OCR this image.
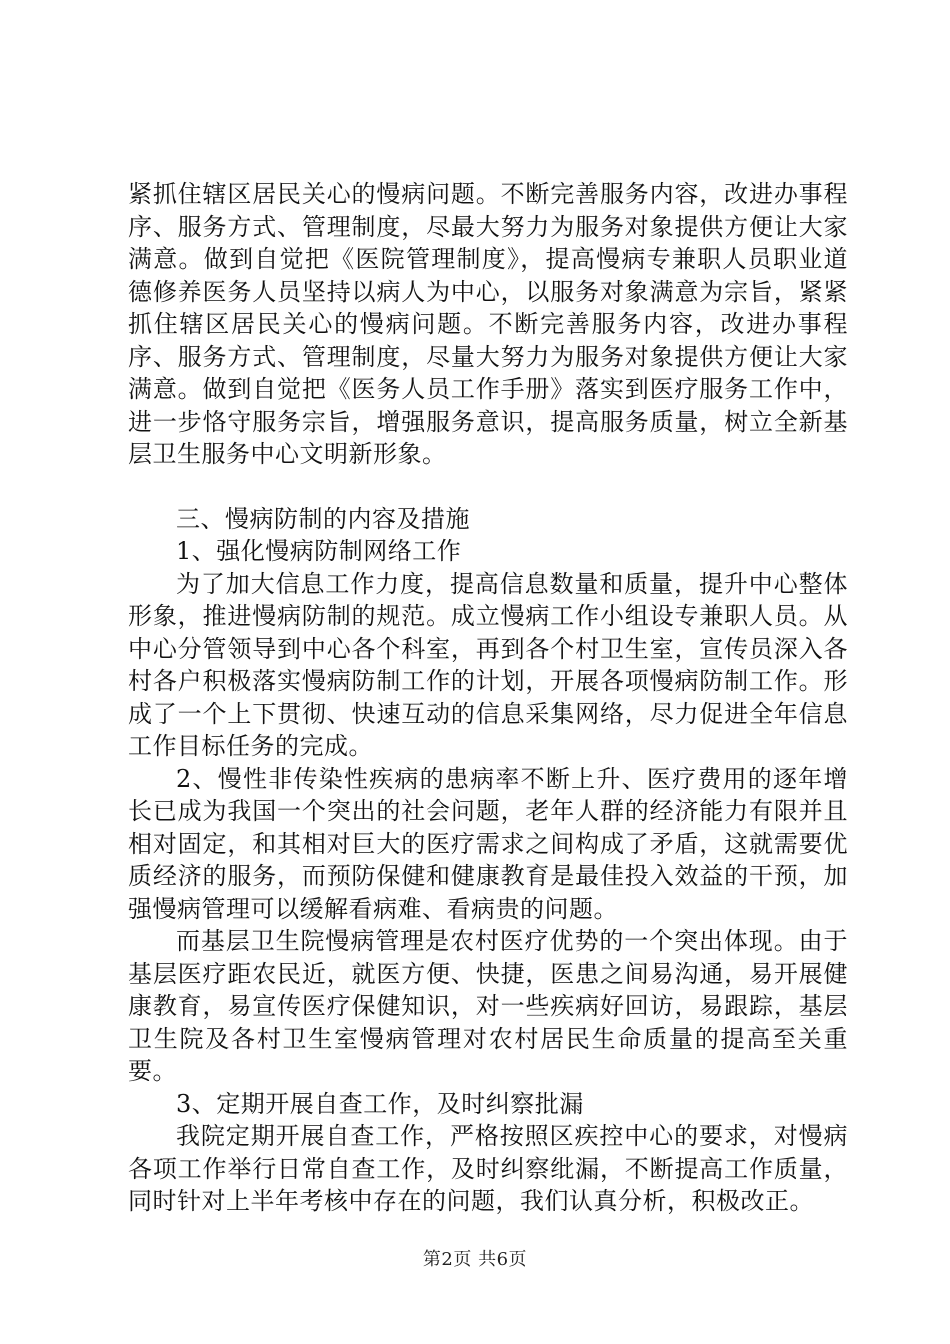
紧抓住辖区居民关心的慢病问题。不断完善服务内容，改进办事程序、服务方式、管理制度，尽最大努力为服务对象提供方便让大家满意。做到自觉把《医院管理制度》，提高慢病专兼职人员职业道德修养医务人员坚持以病人为中心，以服务对象满意为宗旨，紧紧抓住辖区居民关心的慢病问题。不断完善服务内容，改进办事程序、服务方式、管理制度，尽量大努力为服务对象提供方便让大家满意。做到自觉把《医务人员工作手册》落实到医疗服务工作中，进一步恪守服务宗旨，增强服务意识，提高服务质量，树立全新基层卫生服务中心文明新形象。

三、慢病防制的内容及措施

1、强化慢病防制网络工作

为了加大信息工作力度，提高信息数量和质量，提升中心整体形象，推进慢病防制的规范。成立慢病工作小组设专兼职人员。从中心分管领导到中心各个科室，再到各个村卫生室，宣传员深入各村各户积极落实慢病防制工作的计划，开展各项慢病防制工作。形成了一个上下贯彻、快速互动的信息采集网络，尽力促进全年信息工作目标任务的完成。

2、慢性非传染性疾病的患病率不断上升、医疗费用的逐年增长已成为我国一个突出的社会问题，老年人群的经济能力有限并且相对固定，和其相对巨大的医疗需求之间构成了矛盾，这就需要优质经济的服务，而预防保健和健康教育是最佳投入效益的干预，加强慢病管理可以缓解看病难、看病贵的问题。

而基层卫生院慢病管理是农村医疗优势的一个突出体现。由于基层医疗距农民近，就医方便、快捷，医患之间易沟通，易开展健康教育，易宣传医疗保健知识，对一些疾病好回访，易跟踪，基层卫生院及各村卫生室慢病管理对农村居民生命质量的提高至关重要。

3、定期开展自查工作，及时纠察批漏

我院定期开展自查工作，严格按照区疾控中心的要求，对慢病各项工作举行日常自查工作，及时纠察纰漏，不断提高工作质量，同时针对上半年考核中存在的问题，我们认真分析，积极改正。

第2页 共6页
